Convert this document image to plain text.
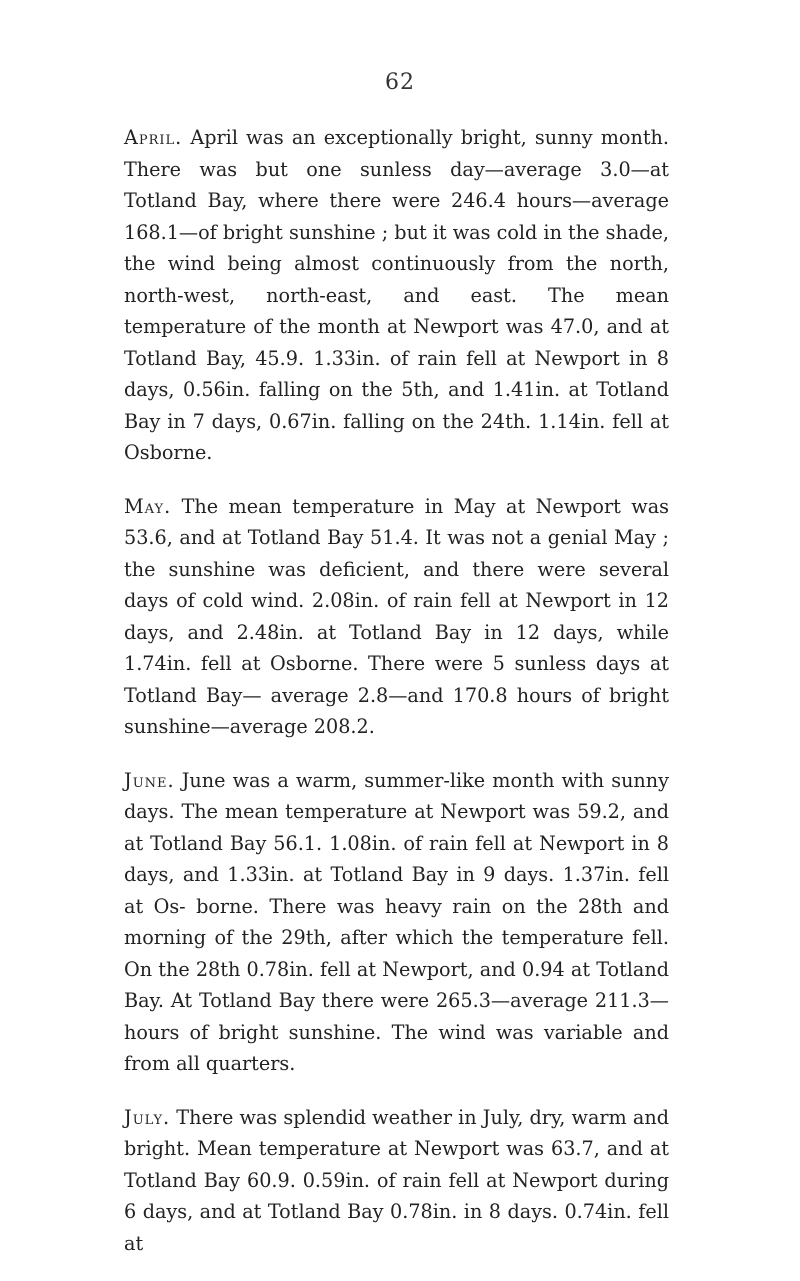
62

April. April was an exceptionally bright, sunny month. There was but one sunless day—average 3.0—at Totland Bay, where there were 246.4 hours—average 168.1—of bright sunshine ; but it was cold in the shade, the wind being almost continuously from the north, north-west, north-east, and east. The mean temperature of the month at Newport was 47.0, and at Totland Bay, 45.9. 1.33in. of rain fell at Newport in 8 days, 0.56in. falling on the 5th, and 1.41in. at Totland Bay in 7 days, 0.67in. falling on the 24th. 1.14in. fell at Osborne.

May. The mean temperature in May at Newport was 53.6, and at Totland Bay 51.4. It was not a genial May ; the sunshine was deficient, and there were several days of cold wind. 2.08in. of rain fell at Newport in 12 days, and 2.48in. at Totland Bay in 12 days, while 1.74in. fell at Osborne. There were 5 sunless days at Totland Bay— average 2.8—and 170.8 hours of bright sunshine—average 208.2.

June. June was a warm, summer-like month with sunny days. The mean temperature at Newport was 59.2, and at Totland Bay 56.1. 1.08in. of rain fell at Newport in 8 days, and 1.33in. at Totland Bay in 9 days. 1.37in. fell at Os- borne. There was heavy rain on the 28th and morning of the 29th, after which the temperature fell. On the 28th 0.78in. fell at Newport, and 0.94 at Totland Bay. At Totland Bay there were 265.3—average 211.3—hours of bright sunshine. The wind was variable and from all quarters.

July. There was splendid weather in July, dry, warm and bright. Mean temperature at Newport was 63.7, and at Totland Bay 60.9. 0.59in. of rain fell at Newport during 6 days, and at Totland Bay 0.78in. in 8 days. 0.74in. fell at
